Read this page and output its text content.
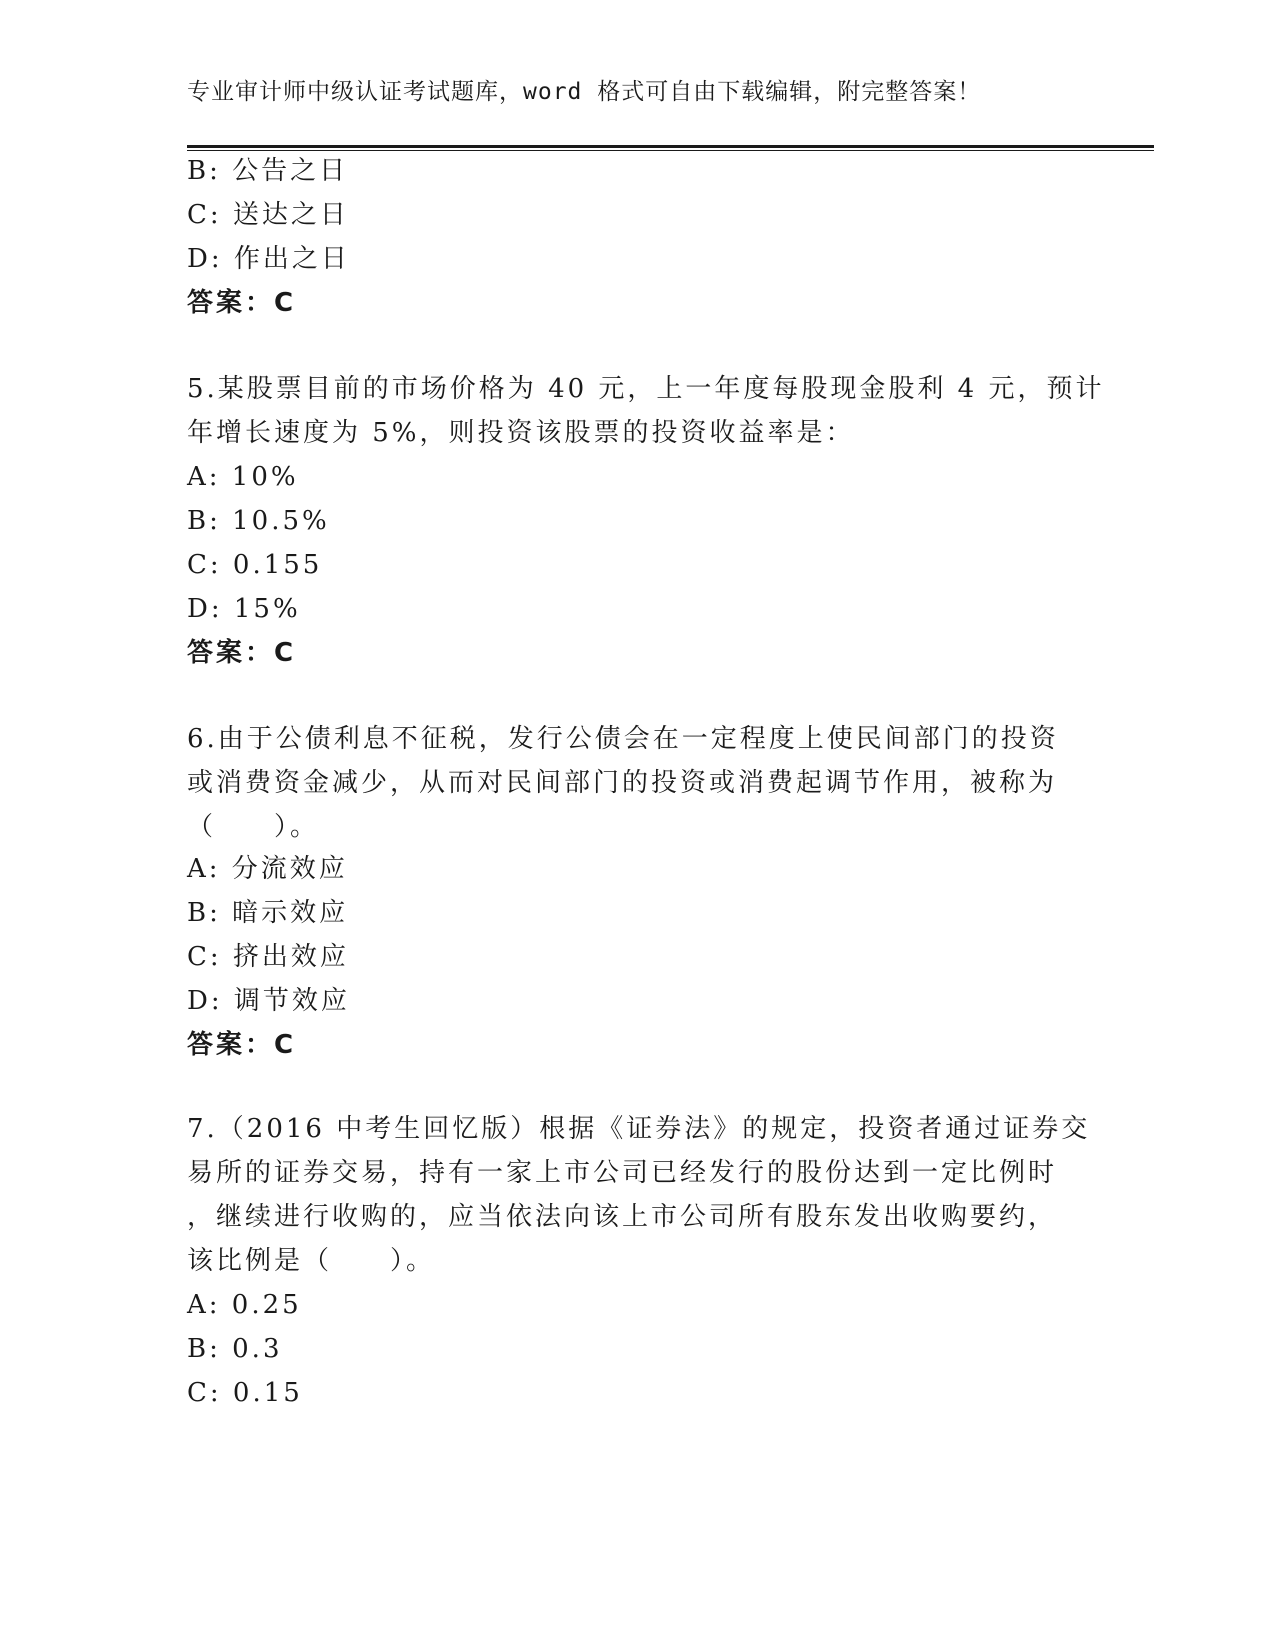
专业审计师中级认证考试题库，word 格式可自由下载编辑，附完整答案！
B: 公告之日
C: 送达之日
D: 作出之日
答案：C
5.某股票目前的市场价格为 40 元，上一年度每股现金股利 4 元，预计
年增长速度为 5%，则投资该股票的投资收益率是：
A: 10%
B: 10.5%
C: 0.155
D: 15%
答案：C
6.由于公债利息不征税，发行公债会在一定程度上使民间部门的投资
或消费资金减少，从而对民间部门的投资或消费起调节作用，被称为
（　　）。
A: 分流效应
B: 暗示效应
C: 挤出效应
D: 调节效应
答案：C
7.（2016 中考生回忆版）根据《证券法》的规定，投资者通过证券交
易所的证券交易，持有一家上市公司已经发行的股份达到一定比例时
，继续进行收购的，应当依法向该上市公司所有股东发出收购要约，
该比例是（　　）。
A: 0.25
B: 0.3
C: 0.15
